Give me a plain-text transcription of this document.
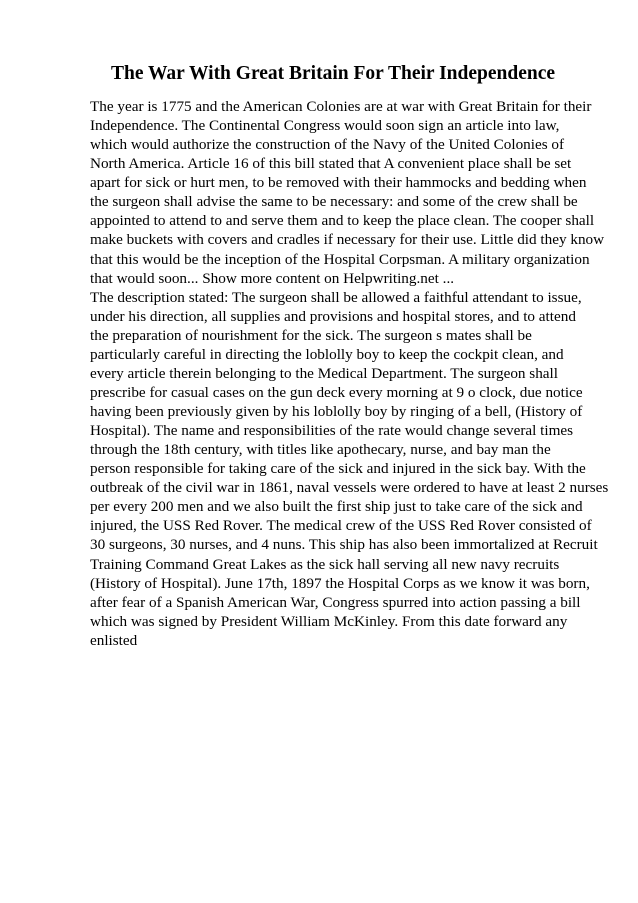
The War With Great Britain For Their Independence
The year is 1775 and the American Colonies are at war with Great Britain for their
Independence. The Continental Congress would soon sign an article into law,
which would authorize the construction of the Navy of the United Colonies of
North America. Article 16 of this bill stated that A convenient place shall be set
apart for sick or hurt men, to be removed with their hammocks and bedding when
the surgeon shall advise the same to be necessary: and some of the crew shall be
appointed to attend to and serve them and to keep the place clean. The cooper shall
make buckets with covers and cradles if necessary for their use. Little did they know
that this would be the inception of the Hospital Corpsman. A military organization
that would soon... Show more content on Helpwriting.net ...
The description stated: The surgeon shall be allowed a faithful attendant to issue,
under his direction, all supplies and provisions and hospital stores, and to attend
the preparation of nourishment for the sick. The surgeon s mates shall be
particularly careful in directing the loblolly boy to keep the cockpit clean, and
every article therein belonging to the Medical Department. The surgeon shall
prescribe for casual cases on the gun deck every morning at 9 o clock, due notice
having been previously given by his loblolly boy by ringing of a bell, (History of
Hospital). The name and responsibilities of the rate would change several times
through the 18th century, with titles like apothecary, nurse, and bay man the
person responsible for taking care of the sick and injured in the sick bay. With the
outbreak of the civil war in 1861, naval vessels were ordered to have at least 2 nurses
per every 200 men and we also built the first ship just to take care of the sick and
injured, the USS Red Rover. The medical crew of the USS Red Rover consisted of
30 surgeons, 30 nurses, and 4 nuns. This ship has also been immortalized at Recruit
Training Command Great Lakes as the sick hall serving all new navy recruits
(History of Hospital). June 17th, 1897 the Hospital Corps as we know it was born,
after fear of a Spanish American War, Congress spurred into action passing a bill
which was signed by President William McKinley. From this date forward any
enlisted
